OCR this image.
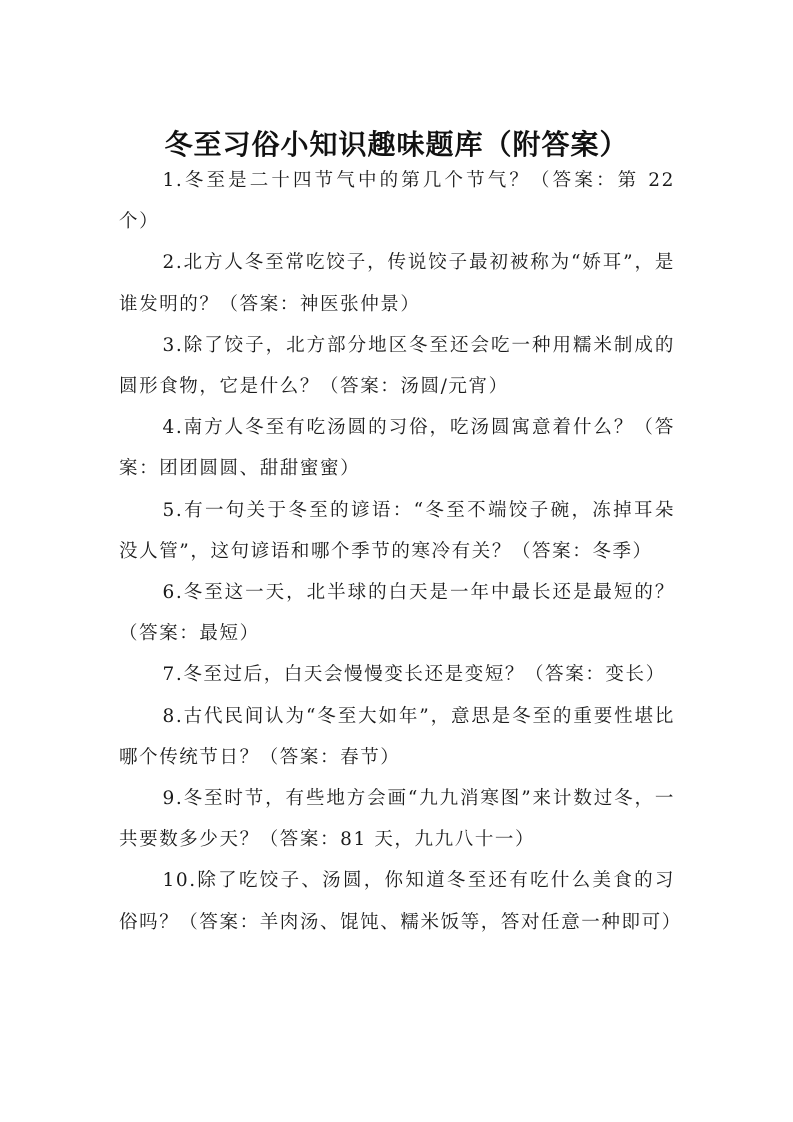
冬至习俗小知识趣味题库（附答案）

1.冬至是二十四节气中的第几个节气？（答案：第 22 个）

2.北方人冬至常吃饺子，传说饺子最初被称为“娇耳”，是谁发明的？（答案：神医张仲景）

3.除了饺子，北方部分地区冬至还会吃一种用糯米制成的圆形食物，它是什么？（答案：汤圆/元宵）

4.南方人冬至有吃汤圆的习俗，吃汤圆寓意着什么？（答案：团团圆圆、甜甜蜜蜜）

5.有一句关于冬至的谚语：“冬至不端饺子碗，冻掉耳朵没人管”，这句谚语和哪个季节的寒冷有关？（答案：冬季）

6.冬至这一天，北半球的白天是一年中最长还是最短的？（答案：最短）

7.冬至过后，白天会慢慢变长还是变短？（答案：变长）

8.古代民间认为“冬至大如年”，意思是冬至的重要性堪比哪个传统节日？（答案：春节）

9.冬至时节，有些地方会画“九九消寒图”来计数过冬，一共要数多少天？（答案：81 天，九九八十一）

10.除了吃饺子、汤圆，你知道冬至还有吃什么美食的习俗吗？（答案：羊肉汤、馄饨、糯米饭等，答对任意一种即可）
